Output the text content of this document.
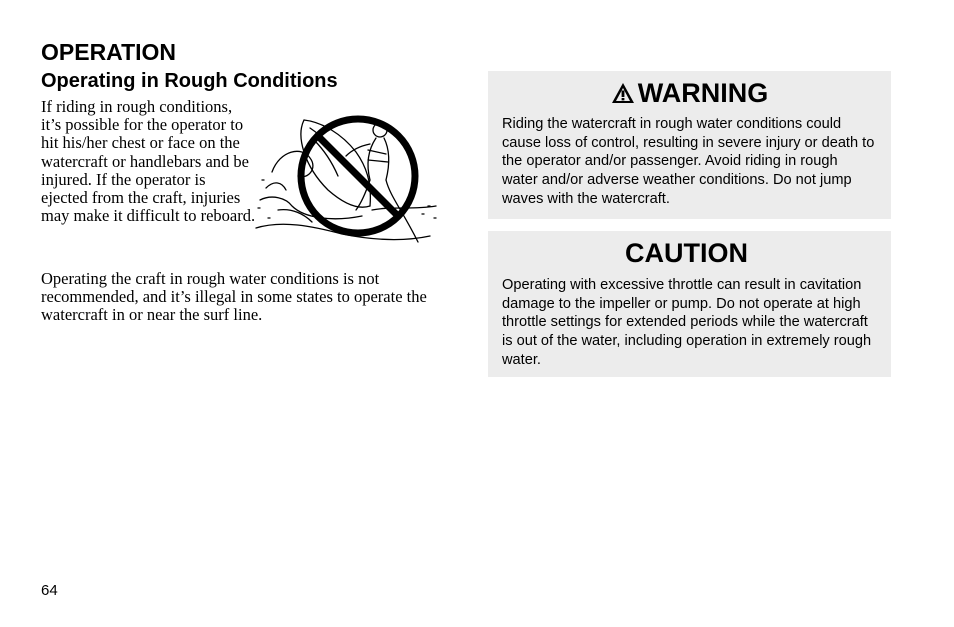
OPERATION
Operating in Rough Conditions

If riding in rough conditions, it’s possible for the operator to hit his/her chest or face on the watercraft or handlebars and be injured. If the operator is ejected from the craft, injuries may make it difficult to reboard.

Operating the craft in rough water conditions is not recommended, and it’s illegal in some states to operate the watercraft in or near the surf line.

WARNING

Riding the watercraft in rough water conditions could cause loss of control, resulting in severe injury or death to the operator and/or passenger. Avoid riding in rough water and/or adverse weather conditions. Do not jump waves with the watercraft.

CAUTION

Operating with excessive throttle can result in cavitation damage to the impeller or pump. Do not operate at high throttle settings for extended periods while the watercraft is out of the water, including operation in extremely rough water.

64
